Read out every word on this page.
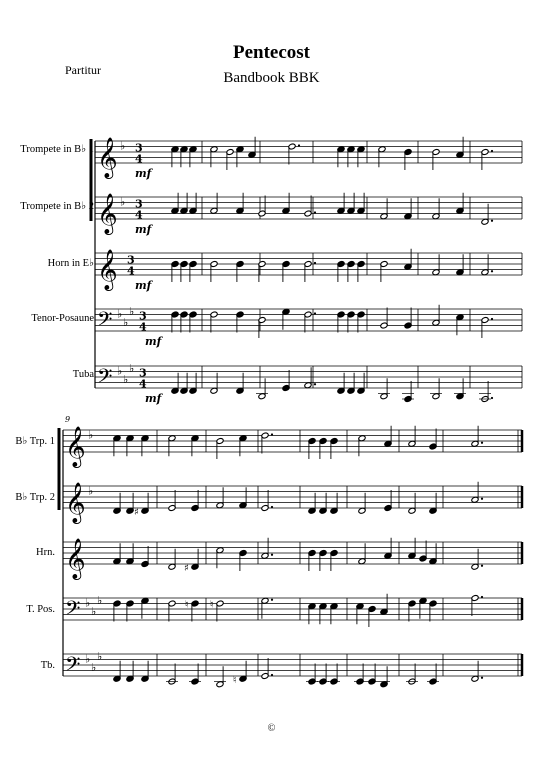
Pentecost
Bandbook BBK
Partitur
Trompete in B♭ 1
Trompete in B♭ 2
Horn in E♭
Tenor-Posaune
Tuba
B♭ Trp. 1
B♭ Trp. 2
Hrn.
T. Pos.
Tb.
𝄞 ♭ 3
4
mf
𝄞 ♭ 3
4
mf
𝄞 3
4
mf
𝄢 ♭
♭
♭ 3
4
mf
𝄢 ♭
♭
♭ 3
4
mf
𝄞 ♭
𝄞 ♭
♯
𝄞	♯
𝄢 ♭
♭
♭	♮ ♮
𝄢 ♭
♭
♭
♮
9
©
